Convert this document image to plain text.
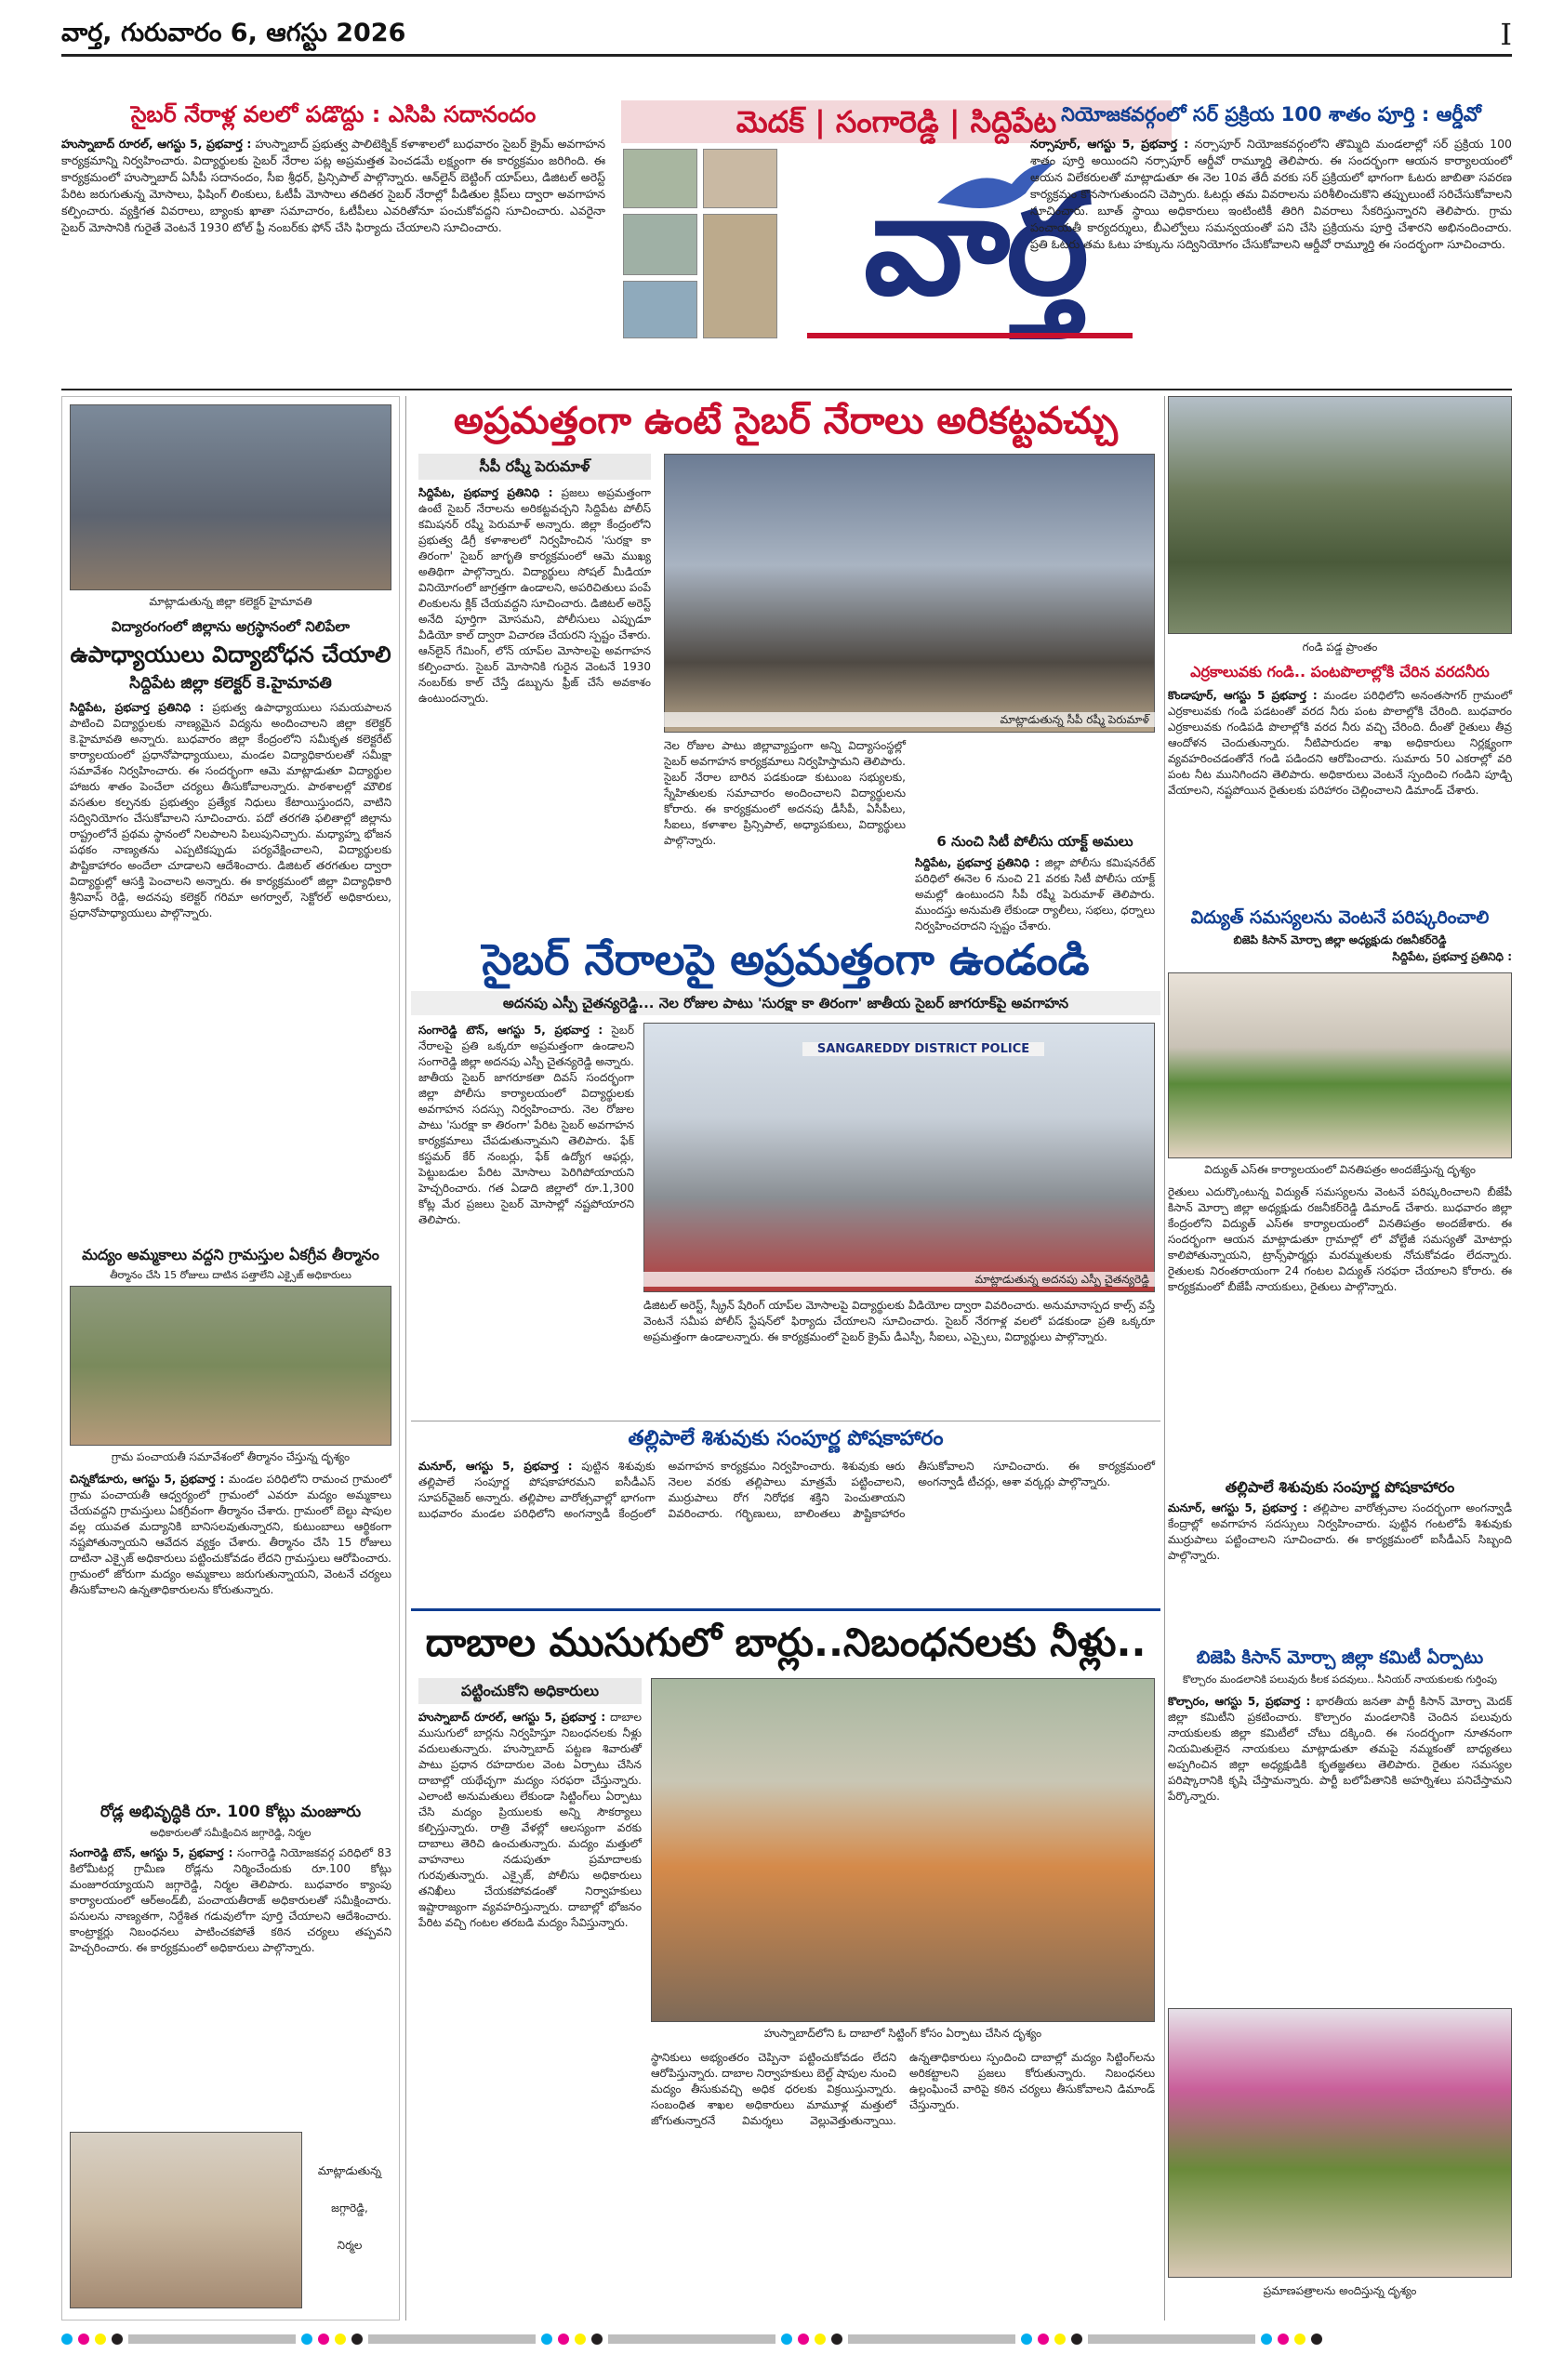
వార్త, గురువారం 6, ఆగస్టు 2026	I
సైబర్ నేరాళ్ల వలలో పడొద్దు : ఎసిపి సదానందం
హుస్నాబాద్ రూరల్, ఆగస్టు 5, ప్రభవార్త : హుస్నాబాద్ ప్రభుత్వ పాలిటెక్నిక్ కళాశాలలో బుధవారం సైబర్ క్రైమ్ అవగాహన కార్యక్రమాన్ని నిర్వహించారు. విద్యార్థులకు సైబర్ నేరాల పట్ల అప్రమత్తత పెంచడమే లక్ష్యంగా ఈ కార్యక్రమం జరిగింది. ఈ కార్యక్రమంలో హుస్నాబాద్ ఏసీపీ సదానందం, సీఐ శ్రీధర్, ప్రిన్సిపాల్ పాల్గొన్నారు. ఆన్‌లైన్ బెట్టింగ్ యాప్‌లు, డిజిటల్ అరెస్ట్ పేరిట జరుగుతున్న మోసాలు, ఫిషింగ్ లింకులు, ఓటీపీ మోసాలు తదితర సైబర్ నేరాల్లో పీడితుల క్లిప్‌లు ద్వారా అవగాహన కల్పించారు. వ్యక్తిగత వివరాలు, బ్యాంకు ఖాతా సమాచారం, ఓటీపీలు ఎవరితోనూ పంచుకోవద్దని సూచించారు. ఎవరైనా సైబర్ మోసానికి గురైతే వెంటనే 1930 టోల్ ఫ్రీ నంబర్‌కు ఫోన్ చేసి ఫిర్యాదు చేయాలని సూచించారు.
మెదక్ | సంగారెడ్డి | సిద్దిపేట
వార్త
నియోజకవర్గంలో సర్ ప్రక్రియ 100 శాతం పూర్తి : ఆర్డీవో
నర్సాపూర్, ఆగస్టు 5, ప్రభవార్త : నర్సాపూర్ నియోజకవర్గంలోని తొమ్మిది మండలాల్లో సర్ ప్రక్రియ 100 శాతం పూర్తి అయిందని నర్సాపూర్ ఆర్డీవో రామ్మూర్తి తెలిపారు. ఈ సందర్భంగా ఆయన కార్యాలయంలో ఆయన విలేకరులతో మాట్లాడుతూ ఈ నెల 10వ తేదీ వరకు సర్ ప్రక్రియలో భాగంగా ఓటరు జాబితా సవరణ కార్యక్రమం కొనసాగుతుందని చెప్పారు. ఓటర్లు తమ వివరాలను పరిశీలించుకొని తప్పులుంటే సరిచేసుకోవాలని సూచించారు. బూత్ స్థాయి అధికారులు ఇంటింటికీ తిరిగి వివరాలు సేకరిస్తున్నారని తెలిపారు. గ్రామ పంచాయతీ కార్యదర్శులు, బీఎల్వోలు సమన్వయంతో పని చేసి ప్రక్రియను పూర్తి చేశారని అభినందించారు. ప్రతి ఓటరు తమ ఓటు హక్కును సద్వినియోగం చేసుకోవాలని ఆర్డీవో రామ్మూర్తి ఈ సందర్భంగా సూచించారు.
మాట్లాడుతున్న జిల్లా కలెక్టర్ హైమావతి
విద్యారంగంలో జిల్లాను అగ్రస్థానంలో నిలిపేలా
ఉపాధ్యాయులు విద్యాబోధన చేయాలి
సిద్దిపేట జిల్లా కలెక్టర్ కె.హైమావతి
సిద్దిపేట, ప్రభవార్త ప్రతినిధి : ప్రభుత్వ ఉపాధ్యాయులు సమయపాలన పాటించి విద్యార్థులకు నాణ్యమైన విద్యను అందించాలని జిల్లా కలెక్టర్ కె.హైమావతి అన్నారు. బుధవారం జిల్లా కేంద్రంలోని సమీకృత కలెక్టరేట్ కార్యాలయంలో ప్రధానోపాధ్యాయులు, మండల విద్యాధికారులతో సమీక్షా సమావేశం నిర్వహించారు. ఈ సందర్భంగా ఆమె మాట్లాడుతూ విద్యార్థుల హాజరు శాతం పెంచేలా చర్యలు తీసుకోవాలన్నారు. పాఠశాలల్లో మౌలిక వసతుల కల్పనకు ప్రభుత్వం ప్రత్యేక నిధులు కేటాయిస్తుందని, వాటిని సద్వినియోగం చేసుకోవాలని సూచించారు. పదో తరగతి ఫలితాల్లో జిల్లాను రాష్ట్రంలోనే ప్రథమ స్థానంలో నిలపాలని పిలుపునిచ్చారు. మధ్యాహ్న భోజన పథకం నాణ్యతను ఎప్పటికప్పుడు పర్యవేక్షించాలని, విద్యార్థులకు పౌష్టికాహారం అందేలా చూడాలని ఆదేశించారు. డిజిటల్ తరగతుల ద్వారా విద్యార్థుల్లో ఆసక్తి పెంచాలని అన్నారు. ఈ కార్యక్రమంలో జిల్లా విద్యాధికారి శ్రీనివాస్ రెడ్డి, అదనపు కలెక్టర్ గరిమా అగర్వాల్, సెక్టోరల్ అధికారులు, ప్రధానోపాధ్యాయులు పాల్గొన్నారు.
మద్యం అమ్మకాలు వద్దని గ్రామస్తుల ఏకగ్రీవ తీర్మానం
తీర్మానం చేసి 15 రోజులు దాటిన పత్తాలేని ఎక్సైజ్ అధికారులు
గ్రామ పంచాయతీ సమావేశంలో తీర్మానం చేస్తున్న దృశ్యం
చిన్నకోడూరు, ఆగస్టు 5, ప్రభవార్త : మండల పరిధిలోని రామంచ గ్రామంలో గ్రామ పంచాయతీ ఆధ్వర్యంలో గ్రామంలో ఎవరూ మద్యం అమ్మకాలు చేయవద్దని గ్రామస్తులు ఏకగ్రీవంగా తీర్మానం చేశారు. గ్రామంలో బెల్టు షాపుల వల్ల యువత మద్యానికి బానిసలవుతున్నారని, కుటుంబాలు ఆర్థికంగా నష్టపోతున్నాయని ఆవేదన వ్యక్తం చేశారు. తీర్మానం చేసి 15 రోజులు దాటినా ఎక్సైజ్ అధికారులు పట్టించుకోవడం లేదని గ్రామస్తులు ఆరోపించారు. గ్రామంలో జోరుగా మద్యం అమ్మకాలు జరుగుతున్నాయని, వెంటనే చర్యలు తీసుకోవాలని ఉన్నతాధికారులను కోరుతున్నారు.
రోడ్ల అభివృద్ధికి రూ. 100 కోట్లు మంజూరు
అధికారులతో సమీక్షించిన జగ్గారెడ్డి, నిర్మల
సంగారెడ్డి టౌన్, ఆగస్టు 5, ప్రభవార్త : సంగారెడ్డి నియోజకవర్గ పరిధిలో 83 కిలోమీటర్ల గ్రామీణ రోడ్లను నిర్మించేందుకు రూ.100 కోట్లు మంజూరయ్యాయని జగ్గారెడ్డి, నిర్మల తెలిపారు. బుధవారం క్యాంపు కార్యాలయంలో ఆర్అండ్‌బీ, పంచాయతీరాజ్ అధికారులతో సమీక్షించారు. పనులను నాణ్యతగా, నిర్దేశిత గడువులోగా పూర్తి చేయాలని ఆదేశించారు. కాంట్రాక్టర్లు నిబంధనలు పాటించకపోతే కఠిన చర్యలు తప్పవని హెచ్చరించారు. ఈ కార్యక్రమంలో అధికారులు పాల్గొన్నారు.
మాట్లాడుతున్న
జగ్గారెడ్డి,
నిర్మల
అప్రమత్తంగా ఉంటే సైబర్ నేరాలు అరికట్టవచ్చు
సీపీ రష్మీ పెరుమాళ్
సిద్దిపేట, ప్రభవార్త ప్రతినిధి : ప్రజలు అప్రమత్తంగా ఉంటే సైబర్ నేరాలను అరికట్టవచ్చని సిద్దిపేట పోలీస్ కమిషనర్ రష్మీ పెరుమాళ్ అన్నారు. జిల్లా కేంద్రంలోని ప్రభుత్వ డిగ్రీ కళాశాలలో నిర్వహించిన 'సురక్షా కా తిరంగా' సైబర్ జాగృతి కార్యక్రమంలో ఆమె ముఖ్య అతిథిగా పాల్గొన్నారు. విద్యార్థులు సోషల్ మీడియా వినియోగంలో జాగ్రత్తగా ఉండాలని, అపరిచితులు పంపే లింకులను క్లిక్ చేయవద్దని సూచించారు. డిజిటల్ అరెస్ట్ అనేది పూర్తిగా మోసమని, పోలీసులు ఎప్పుడూ వీడియో కాల్ ద్వారా విచారణ చేయరని స్పష్టం చేశారు. ఆన్‌లైన్ గేమింగ్, లోన్ యాప్‌ల మోసాలపై అవగాహన కల్పించారు. సైబర్ మోసానికి గురైన వెంటనే 1930 నంబర్‌కు కాల్ చేస్తే డబ్బును ఫ్రీజ్ చేసే అవకాశం ఉంటుందన్నారు.
మాట్లాడుతున్న సీపీ రష్మీ పెరుమాళ్
నెల రోజుల పాటు జిల్లావ్యాప్తంగా అన్ని విద్యాసంస్థల్లో సైబర్ అవగాహన కార్యక్రమాలు నిర్వహిస్తామని తెలిపారు. సైబర్ నేరాల బారిన పడకుండా కుటుంబ సభ్యులకు, స్నేహితులకు సమాచారం అందించాలని విద్యార్థులను కోరారు. ఈ కార్యక్రమంలో అదనపు డీసీపీ, ఏసీపీలు, సీఐలు, కళాశాల ప్రిన్సిపాల్, అధ్యాపకులు, విద్యార్థులు పాల్గొన్నారు.	6 నుంచి సిటీ పోలీసు యాక్ట్ అమలు
సిద్దిపేట, ప్రభవార్త ప్రతినిధి : జిల్లా పోలీసు కమిషనరేట్ పరిధిలో ఈనెల 6 నుంచి 21 వరకు సిటీ పోలీసు యాక్ట్ అమల్లో ఉంటుందని సీపీ రష్మీ పెరుమాళ్ తెలిపారు. ముందస్తు అనుమతి లేకుండా ర్యాలీలు, సభలు, ధర్నాలు నిర్వహించరాదని స్పష్టం చేశారు.
సైబర్ నేరాలపై అప్రమత్తంగా ఉండండి
అదనపు ఎస్పీ చైతన్యరెడ్డి... నెల రోజుల పాటు 'సురక్షా కా తిరంగా' జాతీయ సైబర్ జాగరూక్‌పై అవగాహన
సంగారెడ్డి టౌన్, ఆగస్టు 5, ప్రభవార్త : సైబర్ నేరాలపై ప్రతి ఒక్కరూ అప్రమత్తంగా ఉండాలని సంగారెడ్డి జిల్లా అదనపు ఎస్పీ చైతన్యరెడ్డి అన్నారు. జాతీయ సైబర్ జాగరూకతా దివస్ సందర్భంగా జిల్లా పోలీసు కార్యాలయంలో విద్యార్థులకు అవగాహన సదస్సు నిర్వహించారు. నెల రోజుల పాటు 'సురక్షా కా తిరంగా' పేరిట సైబర్ అవగాహన కార్యక్రమాలు చేపడుతున్నామని తెలిపారు. ఫేక్ కస్టమర్ కేర్ నంబర్లు, ఫేక్ ఉద్యోగ ఆఫర్లు, పెట్టుబడుల పేరిట మోసాలు పెరిగిపోయాయని హెచ్చరించారు. గత ఏడాది జిల్లాలో రూ.1,300 కోట్ల మేర ప్రజలు సైబర్ మోసాల్లో నష్టపోయారని తెలిపారు.
SANGAREDDY DISTRICT POLICE
మాట్లాడుతున్న అదనపు ఎస్పీ చైతన్యరెడ్డి
డిజిటల్ అరెస్ట్, స్క్రీన్ షేరింగ్ యాప్‌ల మోసాలపై విద్యార్థులకు వీడియోల ద్వారా వివరించారు. అనుమానాస్పద కాల్స్ వస్తే వెంటనే సమీప పోలీస్ స్టేషన్‌లో ఫిర్యాదు చేయాలని సూచించారు. సైబర్ నేరగాళ్ల వలలో పడకుండా ప్రతి ఒక్కరూ అప్రమత్తంగా ఉండాలన్నారు. ఈ కార్యక్రమంలో సైబర్ క్రైమ్ డీఎస్పీ, సీఐలు, ఎస్సైలు, విద్యార్థులు పాల్గొన్నారు.
తల్లిపాలే శిశువుకు సంపూర్ణ పోషకాహారం
మనూర్, ఆగస్టు 5, ప్రభవార్త : పుట్టిన శిశువుకు తల్లిపాలే సంపూర్ణ పోషకాహారమని ఐసీడీఎస్ సూపర్‌వైజర్ అన్నారు. తల్లిపాల వారోత్సవాల్లో భాగంగా బుధవారం మండల పరిధిలోని అంగన్వాడీ కేంద్రంలో అవగాహన కార్యక్రమం నిర్వహించారు. శిశువుకు ఆరు నెలల వరకు తల్లిపాలు మాత్రమే పట్టించాలని, ముర్రుపాలు రోగ నిరోధక శక్తిని పెంచుతాయని వివరించారు. గర్భిణులు, బాలింతలు పౌష్టికాహారం తీసుకోవాలని సూచించారు. ఈ కార్యక్రమంలో అంగన్వాడీ టీచర్లు, ఆశా వర్కర్లు పాల్గొన్నారు.
దాబాల ముసుగులో బార్లు..నిబంధనలకు నీళ్లు..
పట్టించుకోని అధికారులు
హుస్నాబాద్ రూరల్, ఆగస్టు 5, ప్రభవార్త : దాబాల ముసుగులో బార్లను నిర్వహిస్తూ నిబంధనలకు నీళ్లు వదులుతున్నారు. హుస్నాబాద్ పట్టణ శివారుతో పాటు ప్రధాన రహదారుల వెంట ఏర్పాటు చేసిన దాబాల్లో యథేచ్ఛగా మద్యం సరఫరా చేస్తున్నారు. ఎలాంటి అనుమతులు లేకుండా సిట్టింగ్‌లు ఏర్పాటు చేసి మద్యం ప్రియులకు అన్ని సౌకర్యాలు కల్పిస్తున్నారు. రాత్రి వేళల్లో ఆలస్యంగా వరకు దాబాలు తెరిచి ఉంచుతున్నారు. మద్యం మత్తులో వాహనాలు నడుపుతూ ప్రమాదాలకు గురవుతున్నారు. ఎక్సైజ్, పోలీసు అధికారులు తనిఖీలు చేయకపోవడంతో నిర్వాహకులు ఇష్టారాజ్యంగా వ్యవహరిస్తున్నారు. దాబాల్లో భోజనం పేరిట వచ్చి గంటల తరబడి మద్యం సేవిస్తున్నారు.
హుస్నాబాద్‌లోని ఓ దాబాలో సిట్టింగ్ కోసం ఏర్పాటు చేసిన దృశ్యం
స్థానికులు అభ్యంతరం చెప్పినా పట్టించుకోవడం లేదని ఆరోపిస్తున్నారు. దాబాల నిర్వాహకులు బెల్ట్ షాపుల నుంచి మద్యం తీసుకువచ్చి అధిక ధరలకు విక్రయిస్తున్నారు. సంబంధిత శాఖల అధికారులు మామూళ్ల మత్తులో జోగుతున్నారనే విమర్శలు వెల్లువెత్తుతున్నాయి. ఉన్నతాధికారులు స్పందించి దాబాల్లో మద్యం సిట్టింగ్‌లను అరికట్టాలని ప్రజలు కోరుతున్నారు. నిబంధనలు ఉల్లంఘించే వారిపై కఠిన చర్యలు తీసుకోవాలని డిమాండ్ చేస్తున్నారు.
గండి పడ్డ ప్రాంతం
ఎర్రకాలువకు గండి.. పంటపొలాల్లోకి చేరిన వరదనీరు
కొండాపూర్, ఆగస్టు 5 ప్రభవార్త : మండల పరిధిలోని అనంతసాగర్ గ్రామంలో ఎర్రకాలువకు గండి పడటంతో వరద నీరు పంట పొలాల్లోకి చేరింది. బుధవారం ఎర్రకాలువకు గండిపడి పొలాల్లోకి వరద నీరు వచ్చి చేరింది. దీంతో రైతులు తీవ్ర ఆందోళన చెందుతున్నారు. నీటిపారుదల శాఖ అధికారులు నిర్లక్ష్యంగా వ్యవహరించడంతోనే గండి పడిందని ఆరోపించారు. సుమారు 50 ఎకరాల్లో వరి పంట నీట మునిగిందని తెలిపారు. అధికారులు వెంటనే స్పందించి గండిని పూడ్చి వేయాలని, నష్టపోయిన రైతులకు పరిహారం చెల్లించాలని డిమాండ్ చేశారు.
విద్యుత్ సమస్యలను వెంటనే పరిష్కరించాలి
బిజెపి కిసాన్ మోర్చా జిల్లా అధ్యక్షుడు రజనీకర్‌రెడ్డి
సిద్దిపేట, ప్రభవార్త ప్రతినిధి :
విద్యుత్ ఎస్ఈ కార్యాలయంలో వినతిపత్రం అందజేస్తున్న దృశ్యం
రైతులు ఎదుర్కొంటున్న విద్యుత్ సమస్యలను వెంటనే పరిష్కరించాలని బీజేపీ కిసాన్ మోర్చా జిల్లా అధ్యక్షుడు రజనీకర్‌రెడ్డి డిమాండ్ చేశారు. బుధవారం జిల్లా కేంద్రంలోని విద్యుత్ ఎస్ఈ కార్యాలయంలో వినతిపత్రం అందజేశారు. ఈ సందర్భంగా ఆయన మాట్లాడుతూ గ్రామాల్లో లో వోల్టేజీ సమస్యతో మోటార్లు కాలిపోతున్నాయని, ట్రాన్స్‌ఫార్మర్లు మరమ్మతులకు నోచుకోవడం లేదన్నారు. రైతులకు నిరంతరాయంగా 24 గంటల విద్యుత్ సరఫరా చేయాలని కోరారు. ఈ కార్యక్రమంలో బీజేపీ నాయకులు, రైతులు పాల్గొన్నారు.
తల్లిపాలే శిశువుకు సంపూర్ణ పోషకాహారం
మనూర్, ఆగస్టు 5, ప్రభవార్త : తల్లిపాల వారోత్సవాల సందర్భంగా అంగన్వాడీ కేంద్రాల్లో అవగాహన సదస్సులు నిర్వహించారు. పుట్టిన గంటలోపే శిశువుకు ముర్రుపాలు పట్టించాలని సూచించారు. ఈ కార్యక్రమంలో ఐసీడీఎస్ సిబ్బంది పాల్గొన్నారు.
బిజెపి కిసాన్ మోర్చా జిల్లా కమిటీ ఏర్పాటు
కొల్చారం మండలానికి పలువురు కీలక పదవులు.. సీనియర్ నాయకులకు గుర్తింపు
కొల్చారం, ఆగస్టు 5, ప్రభవార్త : భారతీయ జనతా పార్టీ కిసాన్ మోర్చా మెదక్ జిల్లా కమిటీని ప్రకటించారు. కొల్చారం మండలానికి చెందిన పలువురు నాయకులకు జిల్లా కమిటీలో చోటు దక్కింది. ఈ సందర్భంగా నూతనంగా నియమితులైన నాయకులు మాట్లాడుతూ తమపై నమ్మకంతో బాధ్యతలు అప్పగించిన జిల్లా అధ్యక్షుడికి కృతజ్ఞతలు తెలిపారు. రైతుల సమస్యల పరిష్కారానికి కృషి చేస్తామన్నారు. పార్టీ బలోపేతానికి అహర్నిశలు పనిచేస్తామని పేర్కొన్నారు.
ప్రమాణపత్రాలను అందిస్తున్న దృశ్యం
